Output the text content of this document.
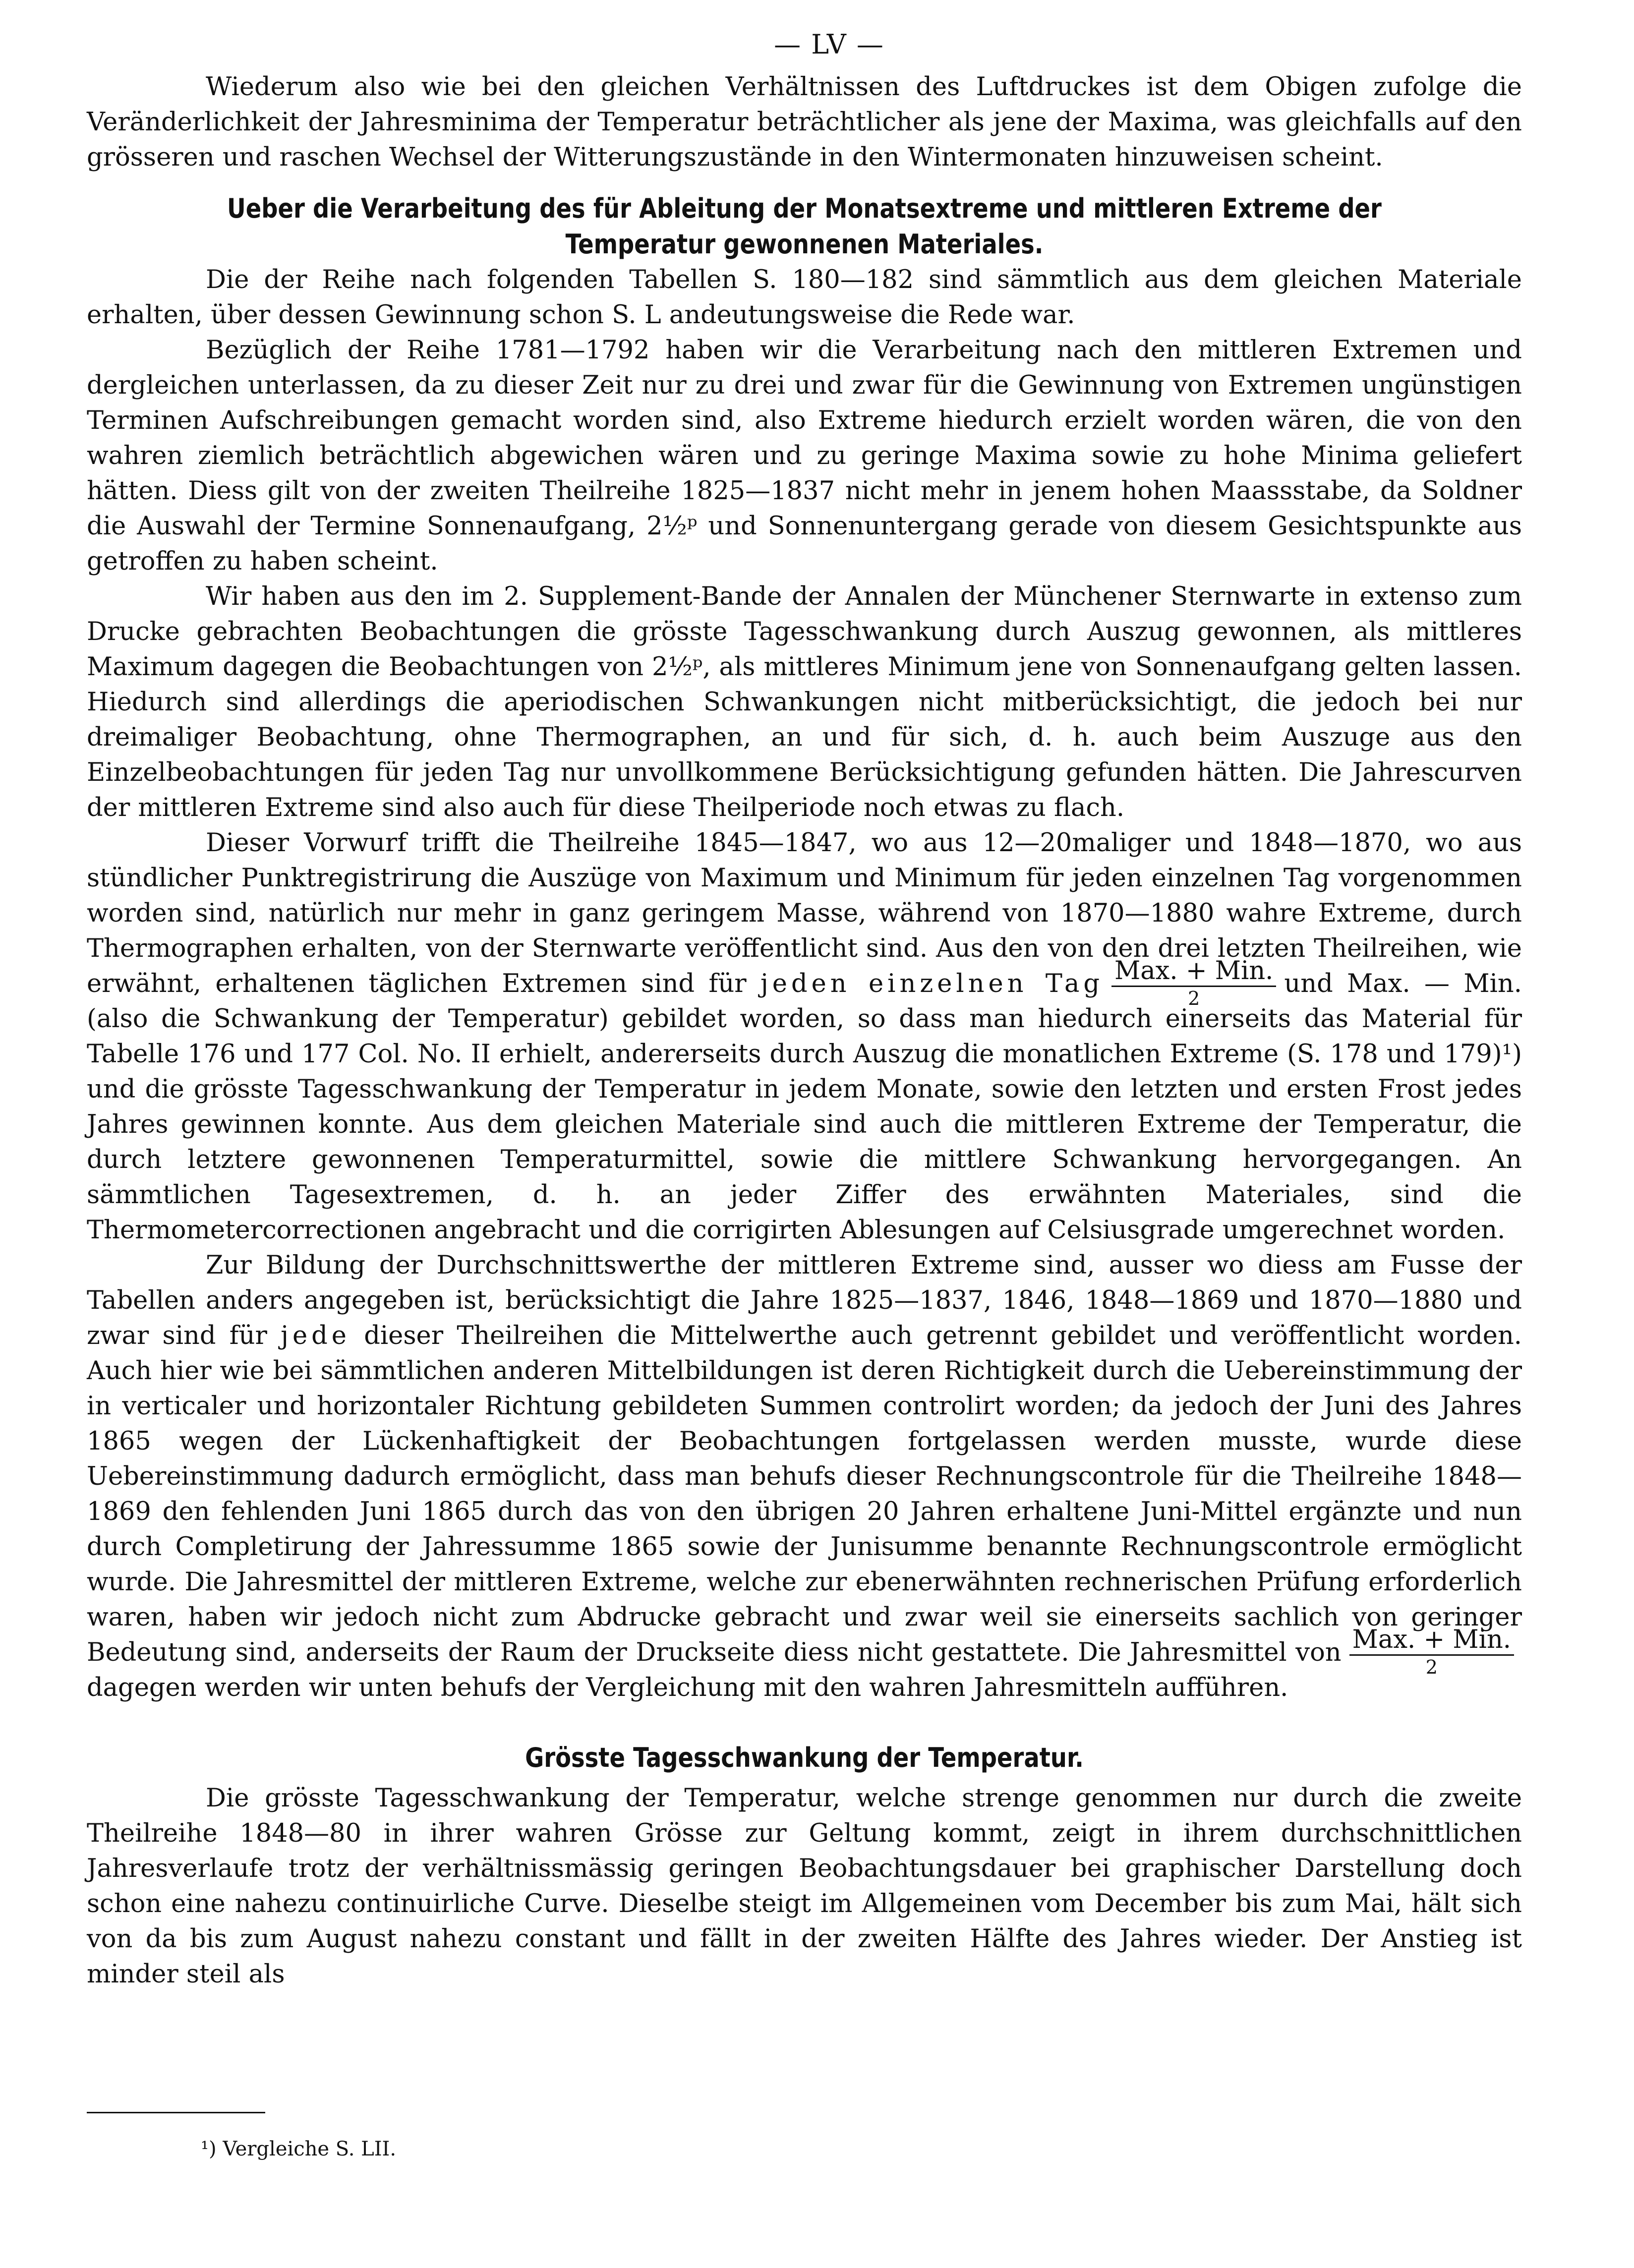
— LV —

Wiederum also wie bei den gleichen Verhältnissen des Luftdruckes ist dem Obigen zufolge die Veränderlichkeit der Jahresminima der Temperatur beträchtlicher als jene der Maxima, was gleichfalls auf den grösseren und raschen Wechsel der Witterungszustände in den Wintermonaten hinzuweisen scheint.

Ueber die Verarbeitung des für Ableitung der Monatsextreme und mittleren Extreme der Temperatur gewonnenen Materiales.

Die der Reihe nach folgenden Tabellen S. 180—182 sind sämmtlich aus dem gleichen Materiale erhalten, über dessen Gewinnung schon S. L andeutungsweise die Rede war.

Bezüglich der Reihe 1781—1792 haben wir die Verarbeitung nach den mittleren Extremen und dergleichen unterlassen, da zu dieser Zeit nur zu drei und zwar für die Gewinnung von Extremen ungünstigen Terminen Aufschreibungen gemacht worden sind, also Extreme hiedurch erzielt worden wären, die von den wahren ziemlich beträchtlich abgewichen wären und zu geringe Maxima sowie zu hohe Minima geliefert hätten. Diess gilt von der zweiten Theilreihe 1825—1837 nicht mehr in jenem hohen Maassstabe, da Soldner die Auswahl der Termine Sonnenaufgang, 2½ᵖ und Sonnenuntergang gerade von diesem Gesichtspunkte aus getroffen zu haben scheint.

Wir haben aus den im 2. Supplement-Bande der Annalen der Münchener Sternwarte in extenso zum Drucke gebrachten Beobachtungen die grösste Tagesschwankung durch Auszug gewonnen, als mittleres Maximum dagegen die Beobachtungen von 2½ᵖ, als mittleres Minimum jene von Sonnenaufgang gelten lassen. Hiedurch sind allerdings die aperiodischen Schwankungen nicht mitberücksichtigt, die jedoch bei nur dreimaliger Beobachtung, ohne Thermographen, an und für sich, d. h. auch beim Auszuge aus den Einzelbeobachtungen für jeden Tag nur unvollkommene Berücksichtigung gefunden hätten. Die Jahrescurven der mittleren Extreme sind also auch für diese Theilperiode noch etwas zu flach.

Dieser Vorwurf trifft die Theilreihe 1845—1847, wo aus 12—20maliger und 1848—1870, wo aus stündlicher Punktregistrirung die Auszüge von Maximum und Minimum für jeden einzelnen Tag vorgenommen worden sind, natürlich nur mehr in ganz geringem Masse, während von 1870—1880 wahre Extreme, durch Thermographen erhalten, von der Sternwarte veröffentlicht sind. Aus den von den drei letzten Theilreihen, wie erwähnt, erhaltenen täglichen Extremen sind für jeden einzelnen Tag $\frac{\text{Max. + Min.}}{2}$ und Max. — Min. (also die Schwankung der Temperatur) gebildet worden, so dass man hiedurch einerseits das Material für Tabelle 176 und 177 Col. No. II erhielt, andererseits durch Auszug die monatlichen Extreme (S. 178 und 179)¹) und die grösste Tagesschwankung der Temperatur in jedem Monate, sowie den letzten und ersten Frost jedes Jahres gewinnen konnte. Aus dem gleichen Materiale sind auch die mittleren Extreme der Temperatur, die durch letztere gewonnenen Temperaturmittel, sowie die mittlere Schwankung hervorgegangen. An sämmtlichen Tagesextremen, d. h. an jeder Ziffer des erwähnten Materiales, sind die Thermometercorrectionen angebracht und die corrigirten Ablesungen auf Celsiusgrade umgerechnet worden.

Zur Bildung der Durchschnittswerthe der mittleren Extreme sind, ausser wo diess am Fusse der Tabellen anders angegeben ist, berücksichtigt die Jahre 1825—1837, 1846, 1848—1869 und 1870—1880 und zwar sind für jede dieser Theilreihen die Mittelwerthe auch getrennt gebildet und veröffentlicht worden. Auch hier wie bei sämmtlichen anderen Mittelbildungen ist deren Richtigkeit durch die Uebereinstimmung der in verticaler und horizontaler Richtung gebildeten Summen controlirt worden; da jedoch der Juni des Jahres 1865 wegen der Lückenhaftigkeit der Beobachtungen fortgelassen werden musste, wurde diese Uebereinstimmung dadurch ermöglicht, dass man behufs dieser Rechnungscontrole für die Theilreihe 1848—1869 den fehlenden Juni 1865 durch das von den übrigen 20 Jahren erhaltene Juni-Mittel ergänzte und nun durch Completirung der Jahressumme 1865 sowie der Junisumme benannte Rechnungscontrole ermöglicht wurde. Die Jahresmittel der mittleren Extreme, welche zur ebenerwähnten rechnerischen Prüfung erforderlich waren, haben wir jedoch nicht zum Abdrucke gebracht und zwar weil sie einerseits sachlich von geringer Bedeutung sind, anderseits der Raum der Druckseite diess nicht gestattete. Die Jahresmittel von $\frac{\text{Max. + Min.}}{2}$
dagegen werden wir unten behufs der Vergleichung mit den wahren Jahresmitteln aufführen.

Grösste Tagesschwankung der Temperatur.

Die grösste Tagesschwankung der Temperatur, welche strenge genommen nur durch die zweite Theilreihe 1848—80 in ihrer wahren Grösse zur Geltung kommt, zeigt in ihrem durchschnittlichen Jahresverlaufe trotz der verhältnissmässig geringen Beobachtungsdauer bei graphischer Darstellung doch schon eine nahezu continuirliche Curve. Dieselbe steigt im Allgemeinen vom December bis zum Mai, hält sich von da bis zum August nahezu constant und fällt in der zweiten Hälfte des Jahres wieder. Der Anstieg ist minder steil als

¹) Vergleiche S. LII.
